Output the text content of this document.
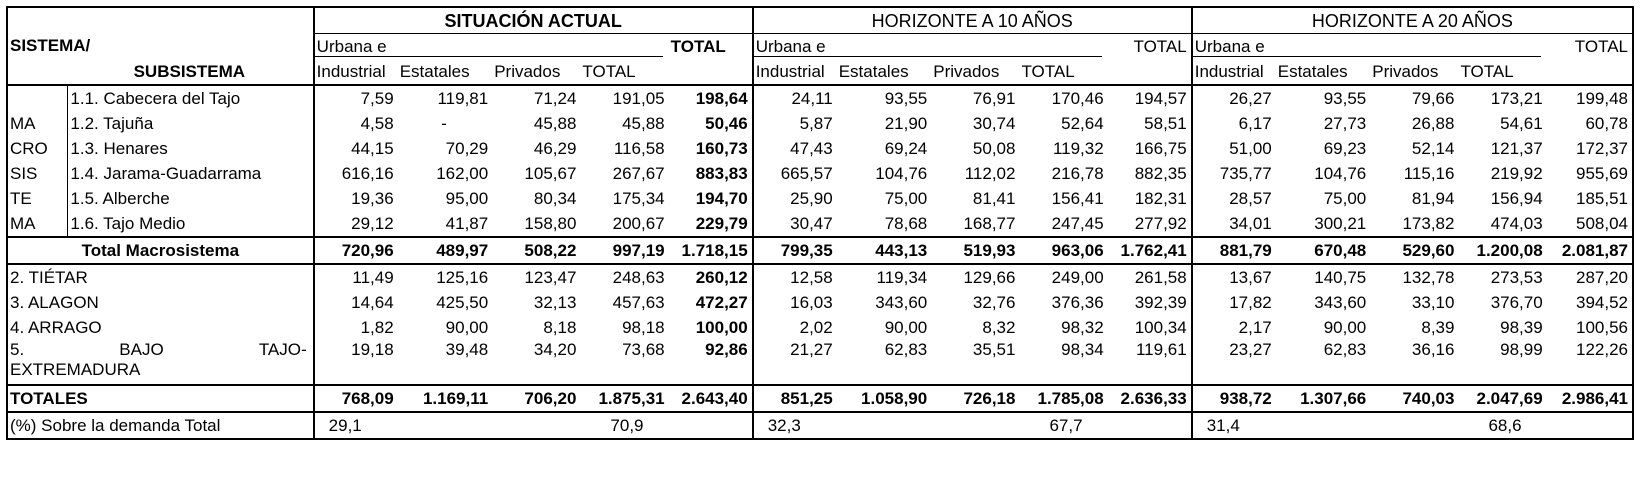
		SITUACIÓN ACTUAL					HORIZONTE A 10 AÑOS					HORIZONTE A 20 AÑOS				
SISTEMA/		Urbana e				TOTAL	Urbana e				TOTAL	Urbana e				TOTAL
SUBSISTEMA		Industrial	Estatales	Privados	TOTAL		Industrial	Estatales	Privados	TOTAL		Industrial	Estatales	Privados	TOTAL	
	1.1. Cabecera del Tajo	7,59	119,81	71,24	191,05	198,64	24,11	93,55	76,91	170,46	194,57	26,27	93,55	79,66	173,21	199,48
MA	1.2. Tajuña	4,58	-	45,88	45,88	50,46	5,87	21,90	30,74	52,64	58,51	6,17	27,73	26,88	54,61	60,78
CRO	1.3. Henares	44,15	70,29	46,29	116,58	160,73	47,43	69,24	50,08	119,32	166,75	51,00	69,23	52,14	121,37	172,37
SIS	1.4. Jarama-Guadarrama	616,16	162,00	105,67	267,67	883,83	665,57	104,76	112,02	216,78	882,35	735,77	104,76	115,16	219,92	955,69
TE	1.5. Alberche	19,36	95,00	80,34	175,34	194,70	25,90	75,00	81,41	156,41	182,31	28,57	75,00	81,94	156,94	185,51
MA	1.6. Tajo Medio	29,12	41,87	158,80	200,67	229,79	30,47	78,68	168,77	247,45	277,92	34,01	300,21	173,82	474,03	508,04
Total Macrosistema		720,96	489,97	508,22	997,19	1.718,15	799,35	443,13	519,93	963,06	1.762,41	881,79	670,48	529,60	1.200,08	2.081,87
2. TIÉTAR		11,49	125,16	123,47	248,63	260,12	12,58	119,34	129,66	249,00	261,58	13,67	140,75	132,78	273,53	287,20
3. ALAGON		14,64	425,50	32,13	457,63	472,27	16,03	343,60	32,76	376,36	392,39	17,82	343,60	33,10	376,70	394,52
4. ARRAGO		1,82	90,00	8,18	98,18	100,00	2,02	90,00	8,32	98,32	100,34	2,17	90,00	8,39	98,39	100,56

5. BAJO TAJO-
EXTREMADURA		19,18	39,48	34,20	73,68	92,86	21,27	62,83	35,51	98,34	119,61	23,27	62,83	36,16	98,99	122,26
TOTALES		768,09	1.169,11	706,20	1.875,31	2.643,40	851,25	1.058,90	726,18	1.785,08	2.636,33	938,72	1.307,66	740,03	2.047,69	2.986,41
(%) Sobre la demanda Total		29,1			70,9		32,3			67,7		31,4			68,6	
